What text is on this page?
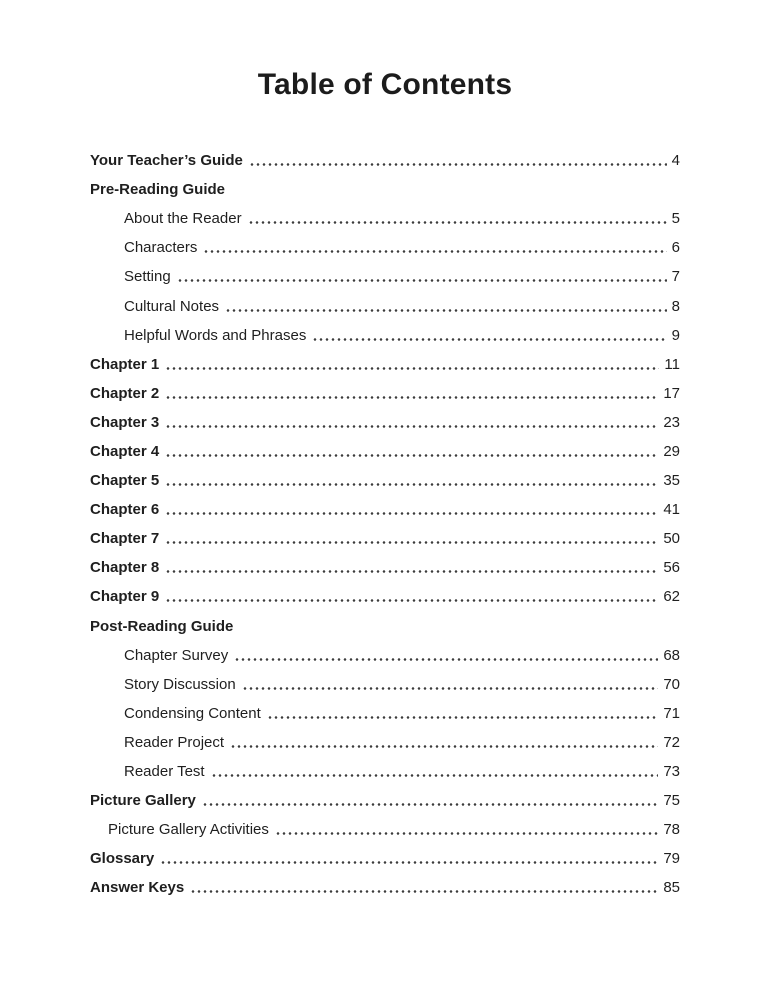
Table of Contents
Your Teacher’s Guide	4
Pre-Reading Guide
About the Reader	5
Characters	6
Setting	7
Cultural Notes	8
Helpful Words and Phrases	9
Chapter 1	11
Chapter 2	17
Chapter 3	23
Chapter 4	29
Chapter 5	35
Chapter 6	41
Chapter 7	50
Chapter 8	56
Chapter 9	62
Post-Reading Guide
Chapter Survey	68
Story Discussion	70
Condensing Content	71
Reader Project	72
Reader Test	73
Picture Gallery	75
Picture Gallery Activities	78
Glossary	79
Answer Keys	85
